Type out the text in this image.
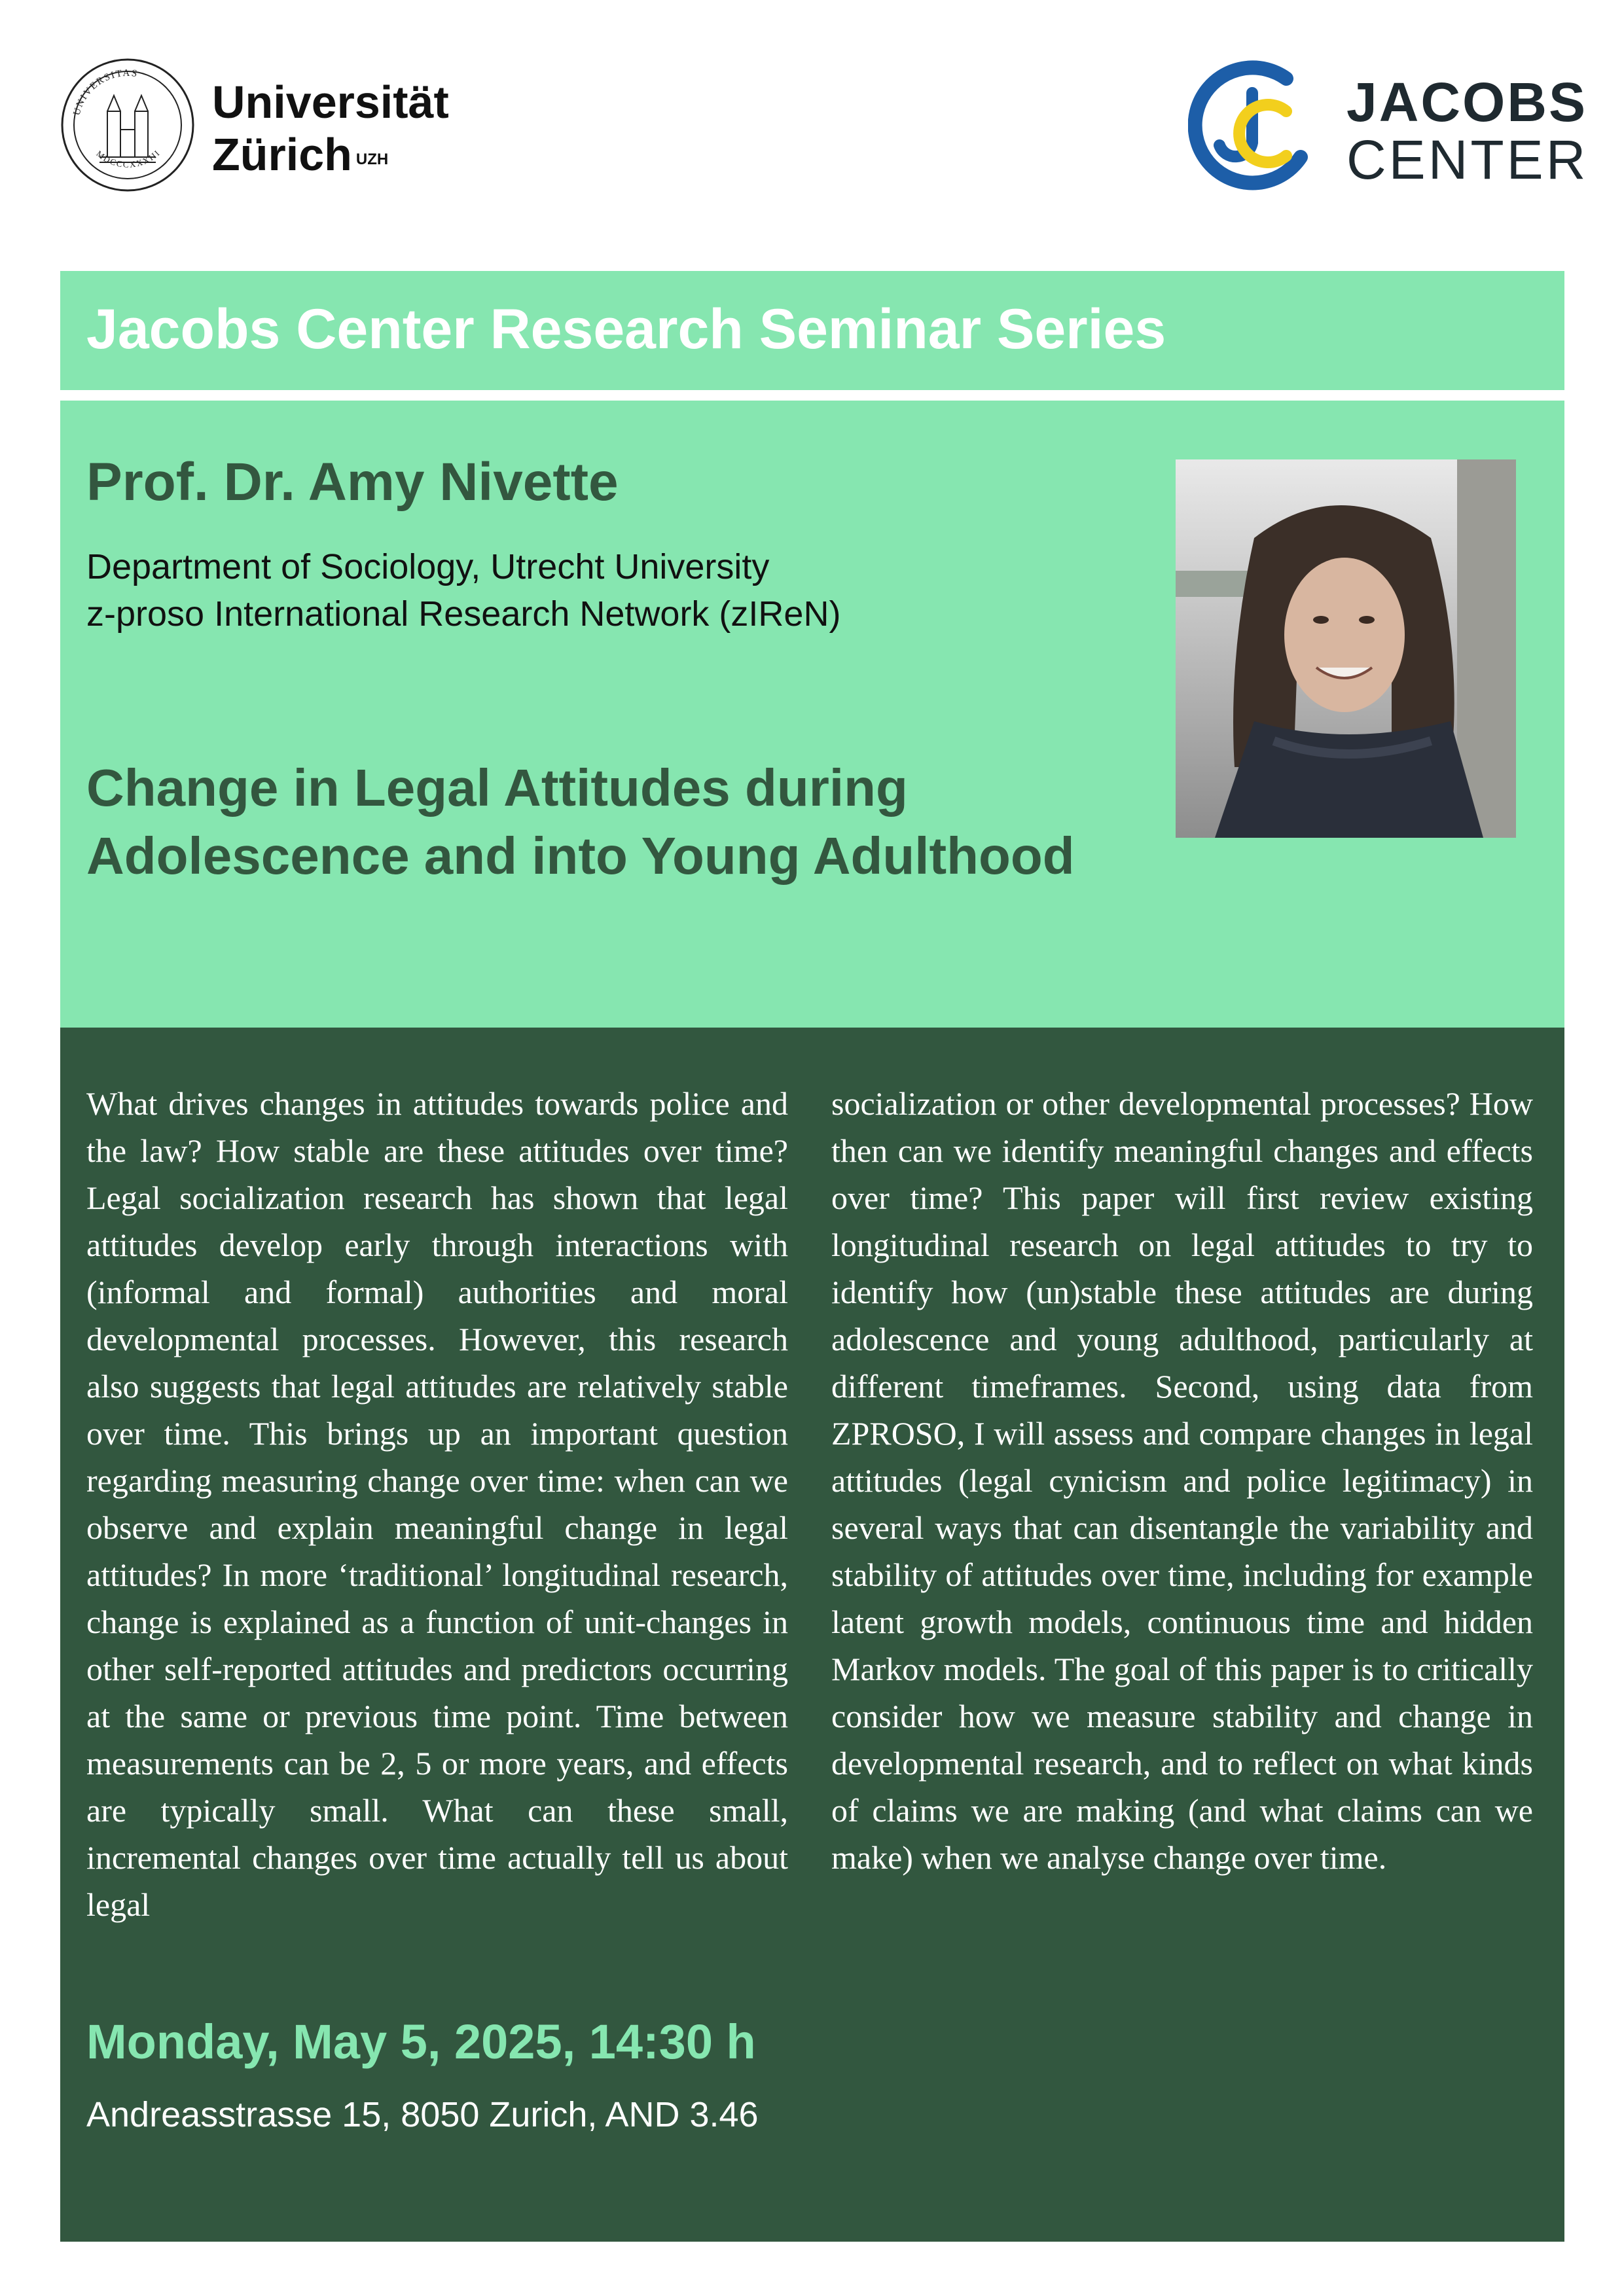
UNIVERSITAS
MDCCCXXXIII
Universität
Zürich $^{UZH}$
JACOBS
CENTER
Jacobs Center Research Seminar Series
Prof. Dr. Amy Nivette
Department of Sociology, Utrecht University
z-proso International Research Network (zIReN)
Change in Legal Attitudes during
Adolescence and into Young Adulthood
What drives changes in attitudes towards police and the law? How stable are these attitudes over time? Legal socialization research has shown that legal attitudes develop early through interactions with (informal and formal) authorities and moral developmental processes. However, this research also suggests that legal attitudes are relatively stable over time. This brings up an important question regarding measuring change over time: when can we observe and explain meaningful change in legal attitudes? In more ‘traditional’ longitudinal research, change is explained as a function of unit-changes in other self-reported attitudes and predictors occurring at the same or previous time point. Time between measurements can be 2, 5 or more years, and effects are typically small. What can these small, incremental changes over time actually tell us about legal
socialization or other developmental processes? How then can we identify meaningful changes and effects over time? This paper will first review existing longitudinal research on legal attitudes to try to identify how (un)stable these attitudes are during adolescence and young adulthood, particularly at different timeframes. Second, using data from ZPROSO, I will assess and compare changes in legal attitudes (legal cynicism and police legitimacy) in several ways that can disentangle the variability and stability of attitudes over time, including for example latent growth models, continuous time and hidden Markov models. The goal of this paper is to critically consider how we measure stability and change in developmental research, and to reflect on what kinds of claims we are making (and what claims can we make) when we analyse change over time.
Monday, May 5, 2025, 14:30 h
Andreasstrasse 15, 8050 Zurich, AND 3.46
